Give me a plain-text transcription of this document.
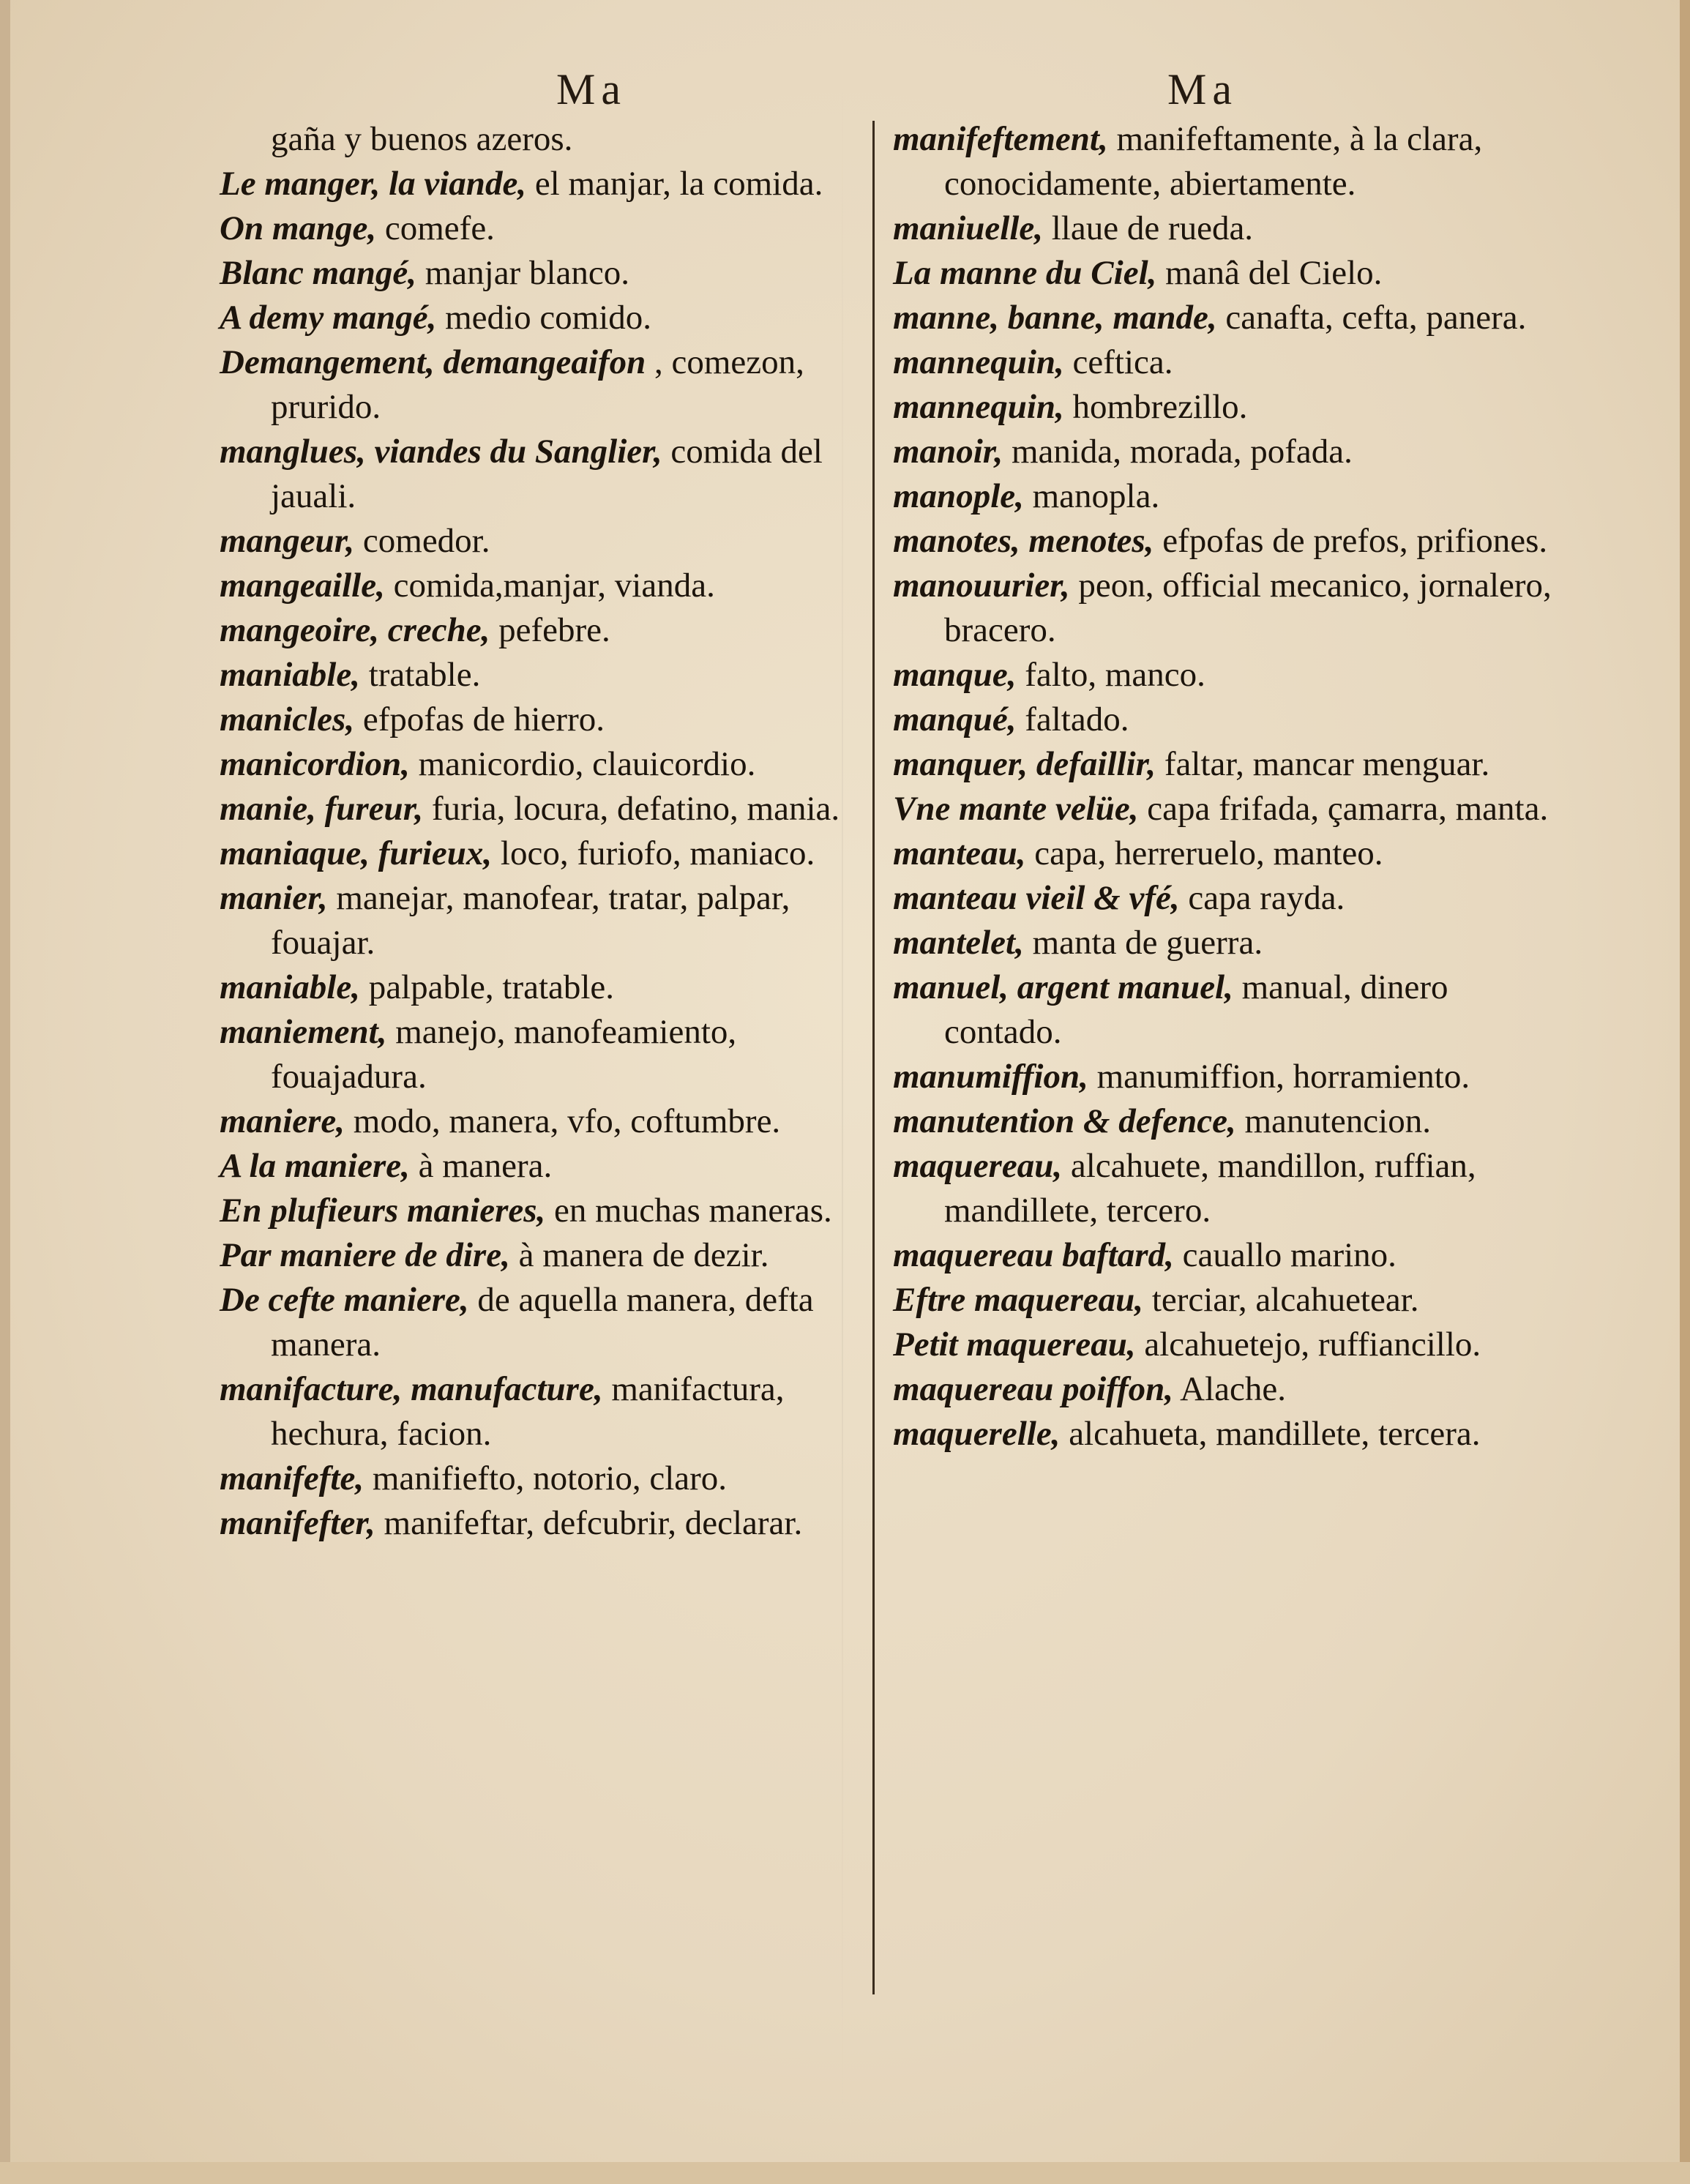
Ma	Ma

gaña y buenos azeros.

Le manger, la viande, el manjar, la comida.

On mange, comefe.

Blanc mangé, manjar blanco.

A demy mangé, medio comido.

Demangement, demangeaifon , comezon, prurido.

manglues, viandes du Sanglier, comida del jauali.

mangeur, comedor.

mangeaille, comida,manjar, vianda.

mangeoire, creche, pefebre.

maniable, tratable.

manicles, efpofas de hierro.

manicordion, manicordio, clauicordio.

manie, fureur, furia, locura, defatino, mania.

maniaque, furieux, loco, furiofo, maniaco.

manier, manejar, manofear, tratar, palpar, fouajar.

maniable, palpable, tratable.

maniement, manejo, manofeamiento, fouajadura.

maniere, modo, manera, vfo, coftumbre.

A la maniere, à manera.

En plufieurs manieres, en muchas maneras.

Par maniere de dire, à manera de dezir.

De cefte maniere, de aquella manera, defta manera.

manifacture, manufacture, manifactura, hechura, facion.

manifefte, manifiefto, notorio, claro.

manifefter, manifeftar, defcubrir, declarar.

manifeftement, manifeftamente, à la clara, conocidamente, abiertamente.

maniuelle, llaue de rueda.

La manne du Ciel, manâ del Cielo.

manne, banne, mande, canafta, cefta, panera.

mannequin, ceftica.

mannequin, hombrezillo.

manoir, manida, morada, pofada.

manople, manopla.

manotes, menotes, efpofas de prefos, prifiones.

manouurier, peon, official mecanico, jornalero, bracero.

manque, falto, manco.

manqué, faltado.

manquer, defaillir, faltar, mancar menguar.

Vne mante velüe, capa frifada, çamarra, manta.

manteau, capa, herreruelo, manteo.

manteau vieil & vfé, capa rayda.

mantelet, manta de guerra.

manuel, argent manuel, manual, dinero contado.

manumiffion, manumiffion, horramiento.

manutention & defence, manutencion.

maquereau, alcahuete, mandillon, ruffian, mandillete, tercero.

maquereau baftard, cauallo marino.

Eftre maquereau, terciar, alcahuetear.

Petit maquereau, alcahuetejo, ruffiancillo.

maquereau poiffon, Alache.

maquerelle, alcahueta, mandillete, tercera.
